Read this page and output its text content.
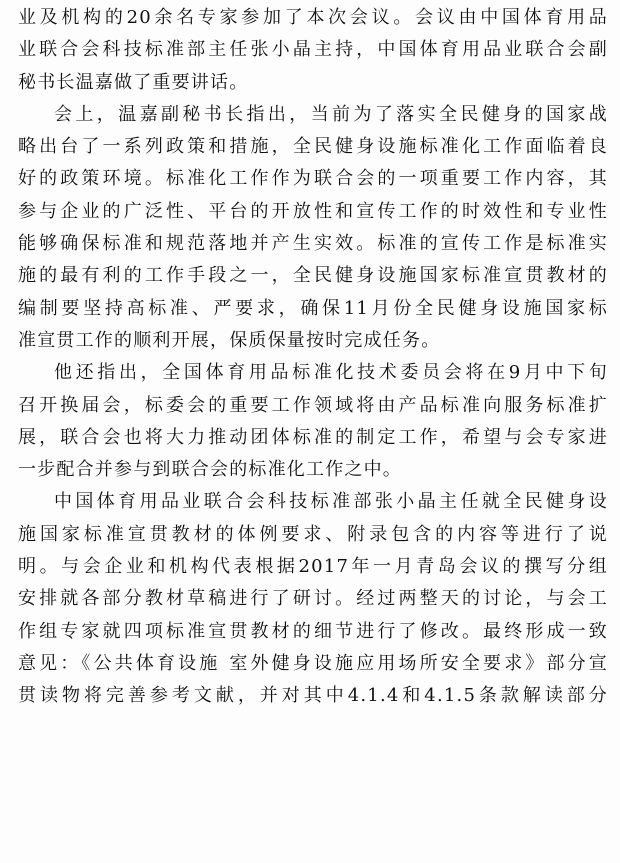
业及机构的20余名专家参加了本次会议。会议由中国体育用品
业联合会科技标准部主任张小晶主持，中国体育用品业联合会副
秘书长温嘉做了重要讲话。
会上，温嘉副秘书长指出，当前为了落实全民健身的国家战
略出台了一系列政策和措施，全民健身设施标准化工作面临着良
好的政策环境。标准化工作作为联合会的一项重要工作内容，其
参与企业的广泛性、平台的开放性和宣传工作的时效性和专业性
能够确保标准和规范落地并产生实效。标准的宣传工作是标准实
施的最有利的工作手段之一，全民健身设施国家标准宣贯教材的
编制要坚持高标准、严要求，确保11月份全民健身设施国家标
准宣贯工作的顺利开展，保质保量按时完成任务。
他还指出，全国体育用品标准化技术委员会将在9月中下旬
召开换届会，标委会的重要工作领域将由产品标准向服务标准扩
展，联合会也将大力推动团体标准的制定工作，希望与会专家进
一步配合并参与到联合会的标准化工作之中。
中国体育用品业联合会科技标准部张小晶主任就全民健身设
施国家标准宣贯教材的体例要求、附录包含的内容等进行了说
明。与会企业和机构代表根据2017年一月青岛会议的撰写分组
安排就各部分教材草稿进行了研讨。经过两整天的讨论，与会工
作组专家就四项标准宣贯教材的细节进行了修改。最终形成一致
意见：《公共体育设施 室外健身设施应用场所安全要求》部分宣
贯读物将完善参考文献，并对其中4.1.4和4.1.5条款解读部分
